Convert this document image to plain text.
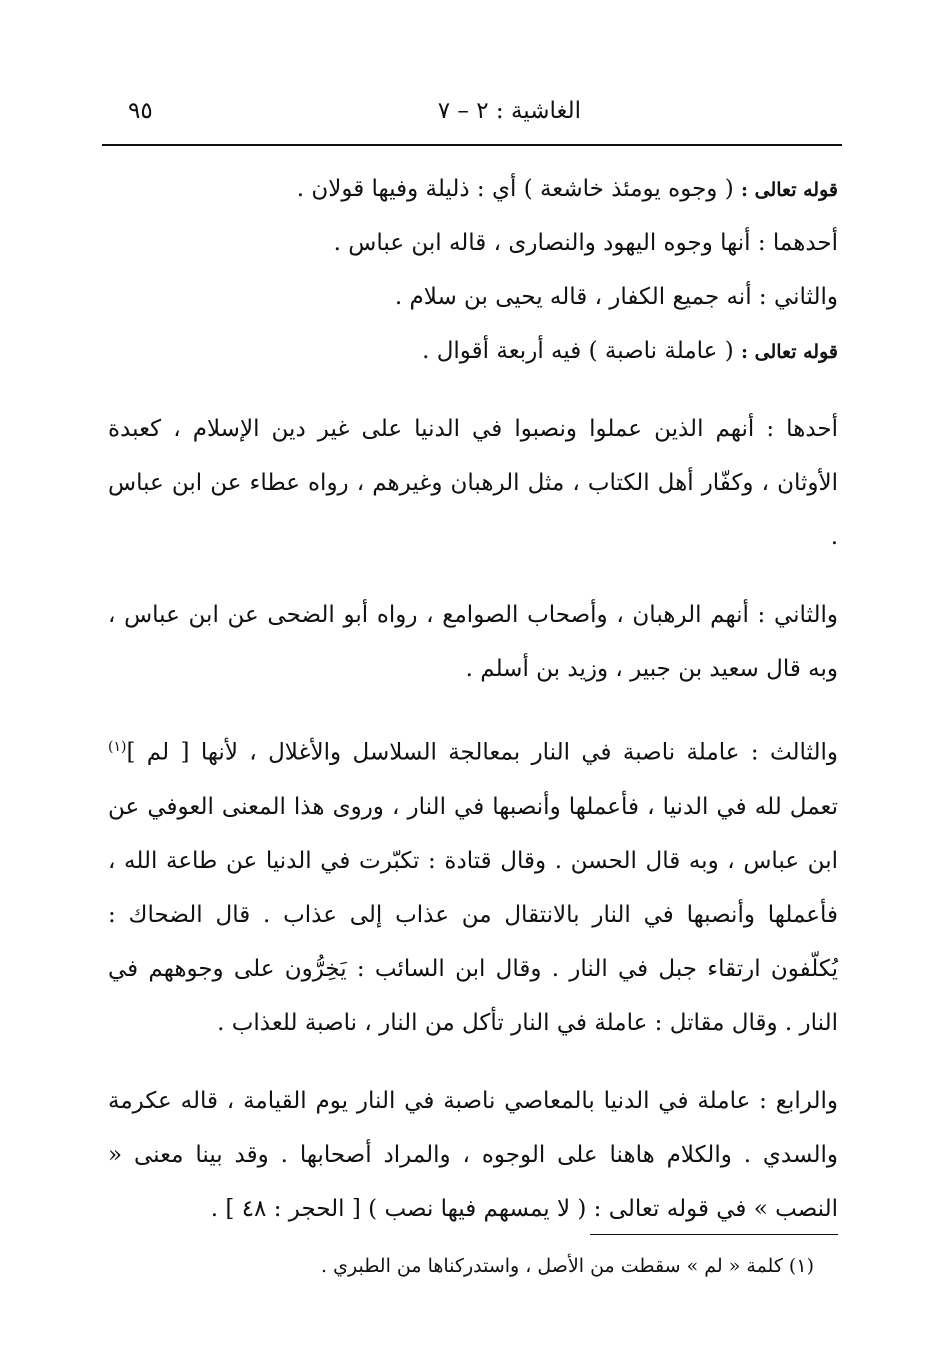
الغاشية : ٢ – ٧
٩٥
قوله تعالى : ( وجوه يومئذ خاشعة ) أي : ذليلة وفيها قولان .
أحدهما : أنها وجوه اليهود والنصارى ، قاله ابن عباس .
والثاني : أنه جميع الكفار ، قاله يحيى بن سلام .
قوله تعالى : ( عاملة ناصبة ) فيه أربعة أقوال .
أحدها : أنهم الذين عملوا ونصبوا في الدنيا على غير دين الإسلام ، كعبدة الأوثان ، وكفّار أهل الكتاب ، مثل الرهبان وغيرهم ، رواه عطاء عن ابن عباس .
والثاني : أنهم الرهبان ، وأصحاب الصوامع ، رواه أبو الضحى عن ابن عباس ، وبه قال سعيد بن جبير ، وزيد بن أسلم .
والثالث : عاملة ناصبة في النار بمعالجة السلاسل والأغلال ، لأنها [ لم ]$^{(١)}$ تعمل لله في الدنيا ، فأعملها وأنصبها في النار ، وروى هذا المعنى العوفي عن ابن عباس ، وبه قال الحسن . وقال قتادة : تكبّرت في الدنيا عن طاعة الله ، فأعملها وأنصبها في النار بالانتقال من عذاب إلى عذاب . قال الضحاك : يُكلّفون ارتقاء جبل في النار . وقال ابن السائب : يَخِرُّون على وجوههم في النار . وقال مقاتل : عاملة في النار تأكل من النار ، ناصبة للعذاب .
والرابع : عاملة في الدنيا بالمعاصي ناصبة في النار يوم القيامة ، قاله عكرمة والسدي . والكلام هاهنا على الوجوه ، والمراد أصحابها . وقد بينا معنى « النصب » في قوله تعالى : ( لا يمسهم فيها نصب ) [ الحجر : ٤٨ ] .
(١) كلمة « لم » سقطت من الأصل ، واستدركناها من الطبري .
